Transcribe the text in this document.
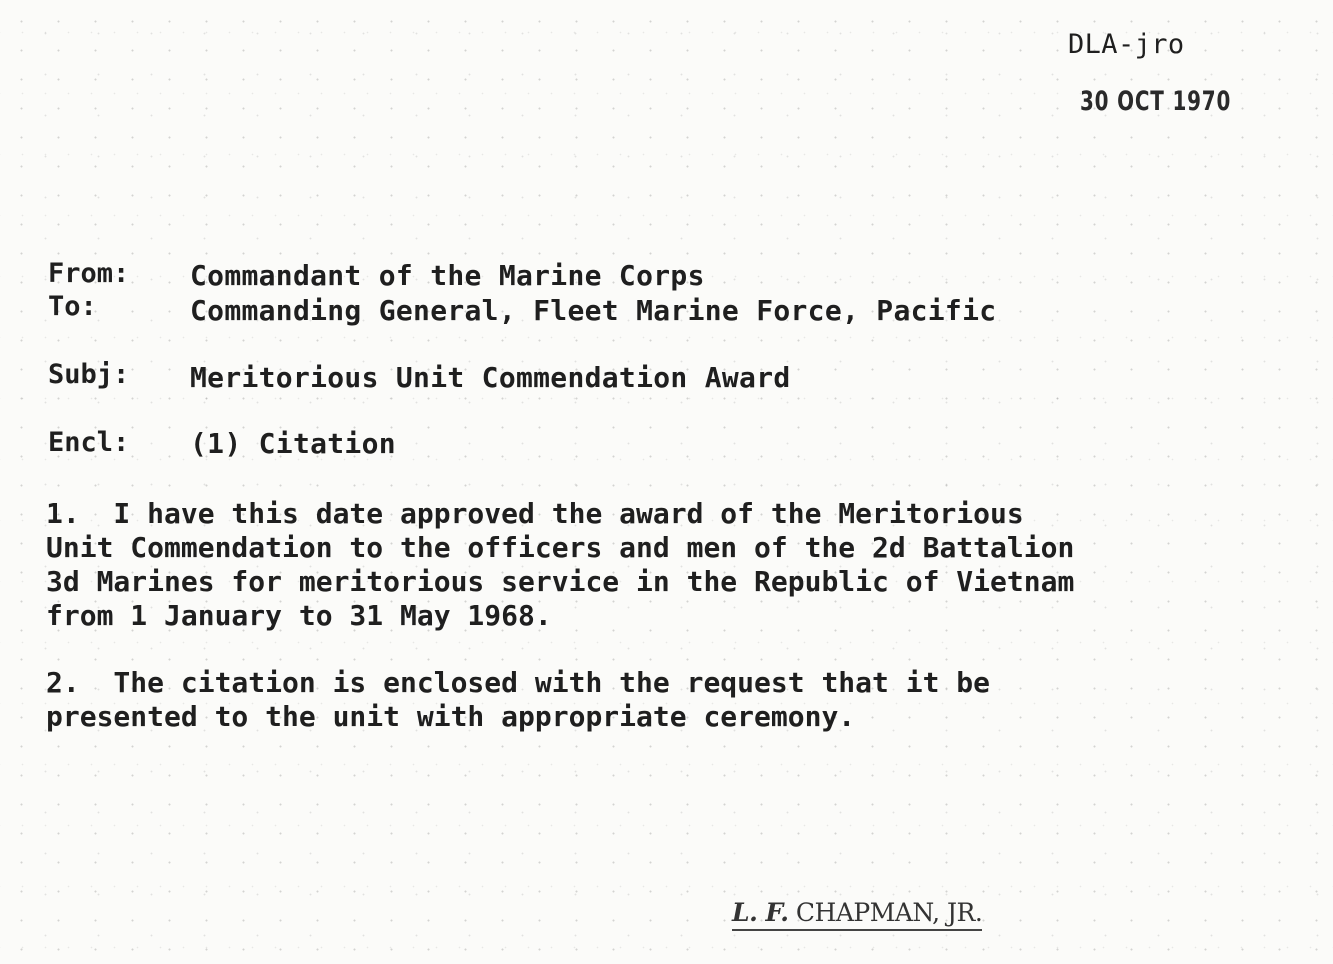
DLA-jro
30 OCT 1970
From: Commandant of the Marine Corps
To:	Commanding General, Fleet Marine Force, Pacific
Subj: Meritorious Unit Commendation Award
Encl: (1) Citation
1.  I have this date approved the award of the Meritorious
Unit Commendation to the officers and men of the 2d Battalion
3d Marines for meritorious service in the Republic of Vietnam
from 1 January to 31 May 1968.
2.  The citation is enclosed with the request that it be
presented to the unit with appropriate ceremony.
L. F. CHAPMAN, JR.
